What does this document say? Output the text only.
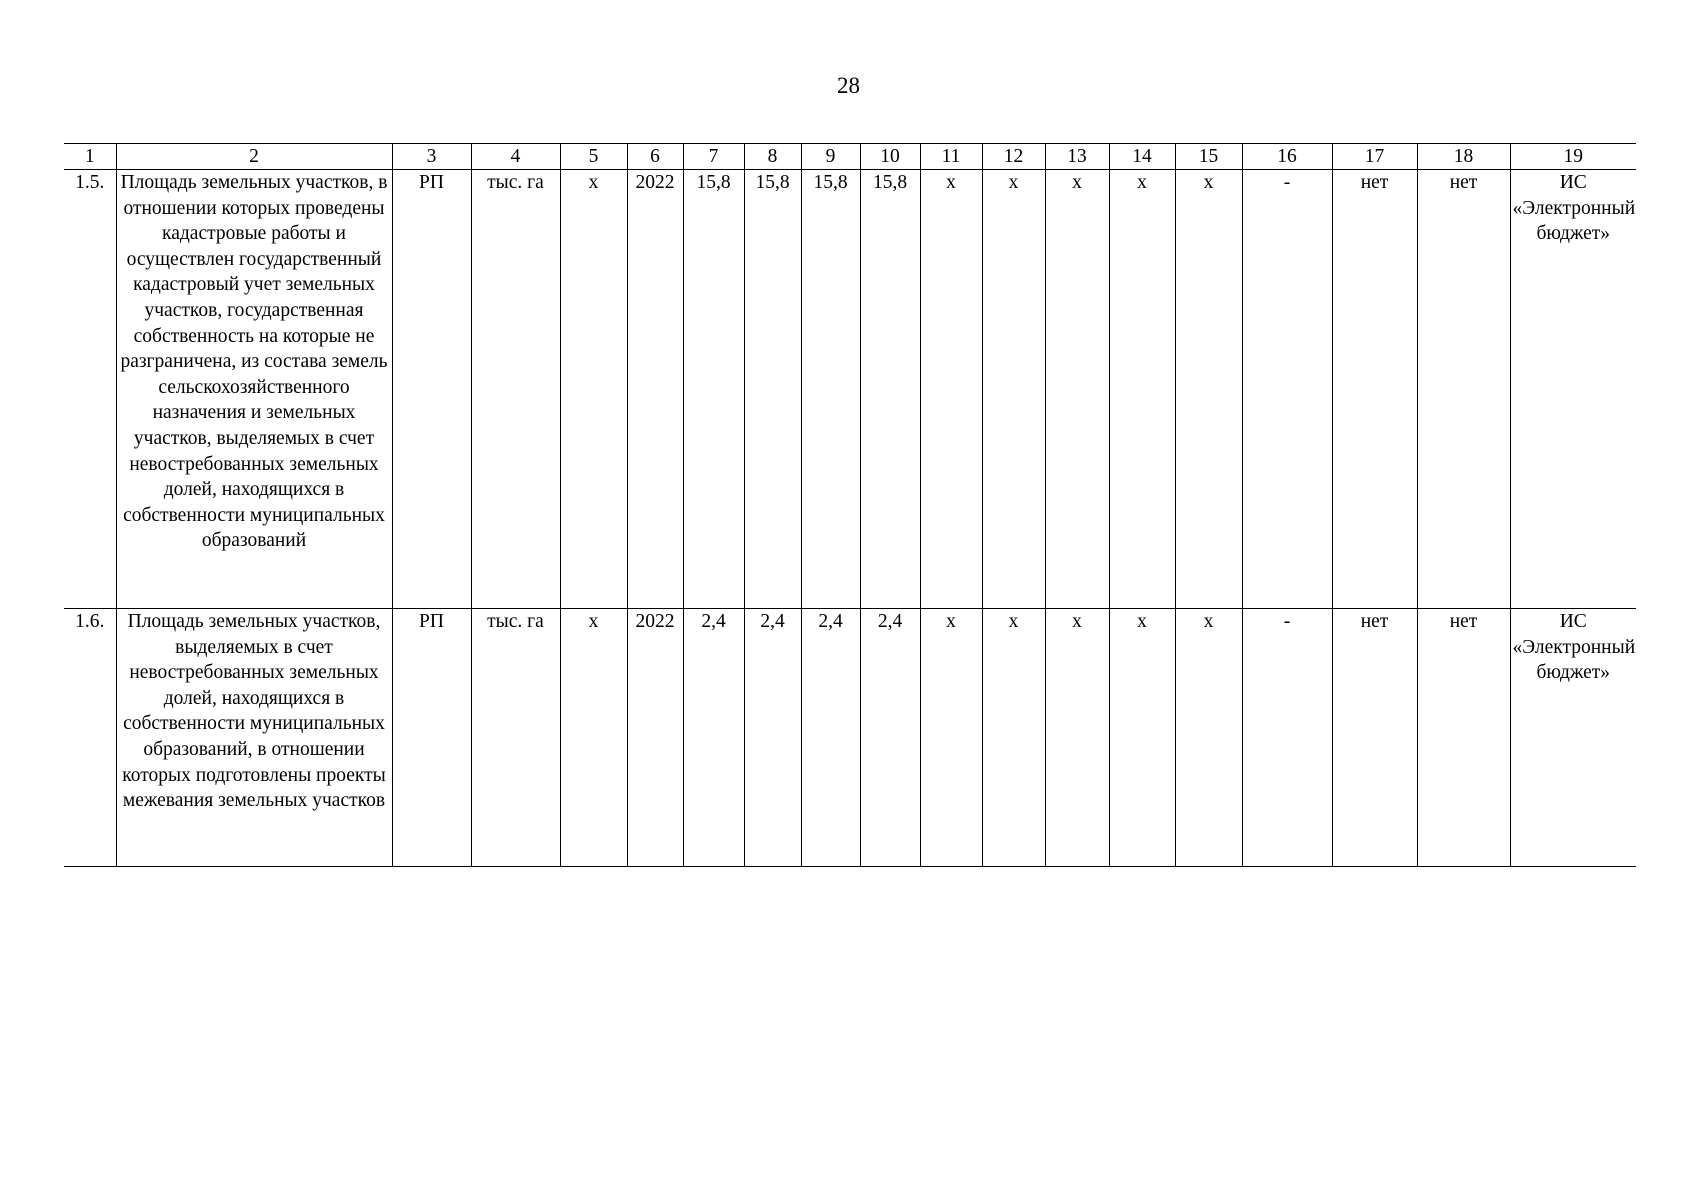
28
1	2	3	4	5	6	7	8	9	10	11	12	13	14	15	16	17	18	19
1.5.	Площадь земельных участков, в отношении которых проведены кадастровые работы и осуществлен государственный кадастровый учет земельных участков, государственная собственность на которые не разграничена, из состава земель сельскохозяйственного назначения и земельных участков, выделяемых в счет невостребованных земельных долей, находящихся в собственности муниципальных образований	РП	тыс. га	х	2022	15,8	15,8	15,8	15,8	х	х	х	х	х	-	нет	нет	ИС «Электронный бюджет»
1.6.	Площадь земельных участков, выделяемых в счет невостребованных земельных долей, находящихся в собственности муниципальных образований, в отношении которых подготовлены проекты межевания земельных участков	РП	тыс. га	х	2022	2,4	2,4	2,4	2,4	х	х	х	х	х	-	нет	нет	ИС «Электронный бюджет»
